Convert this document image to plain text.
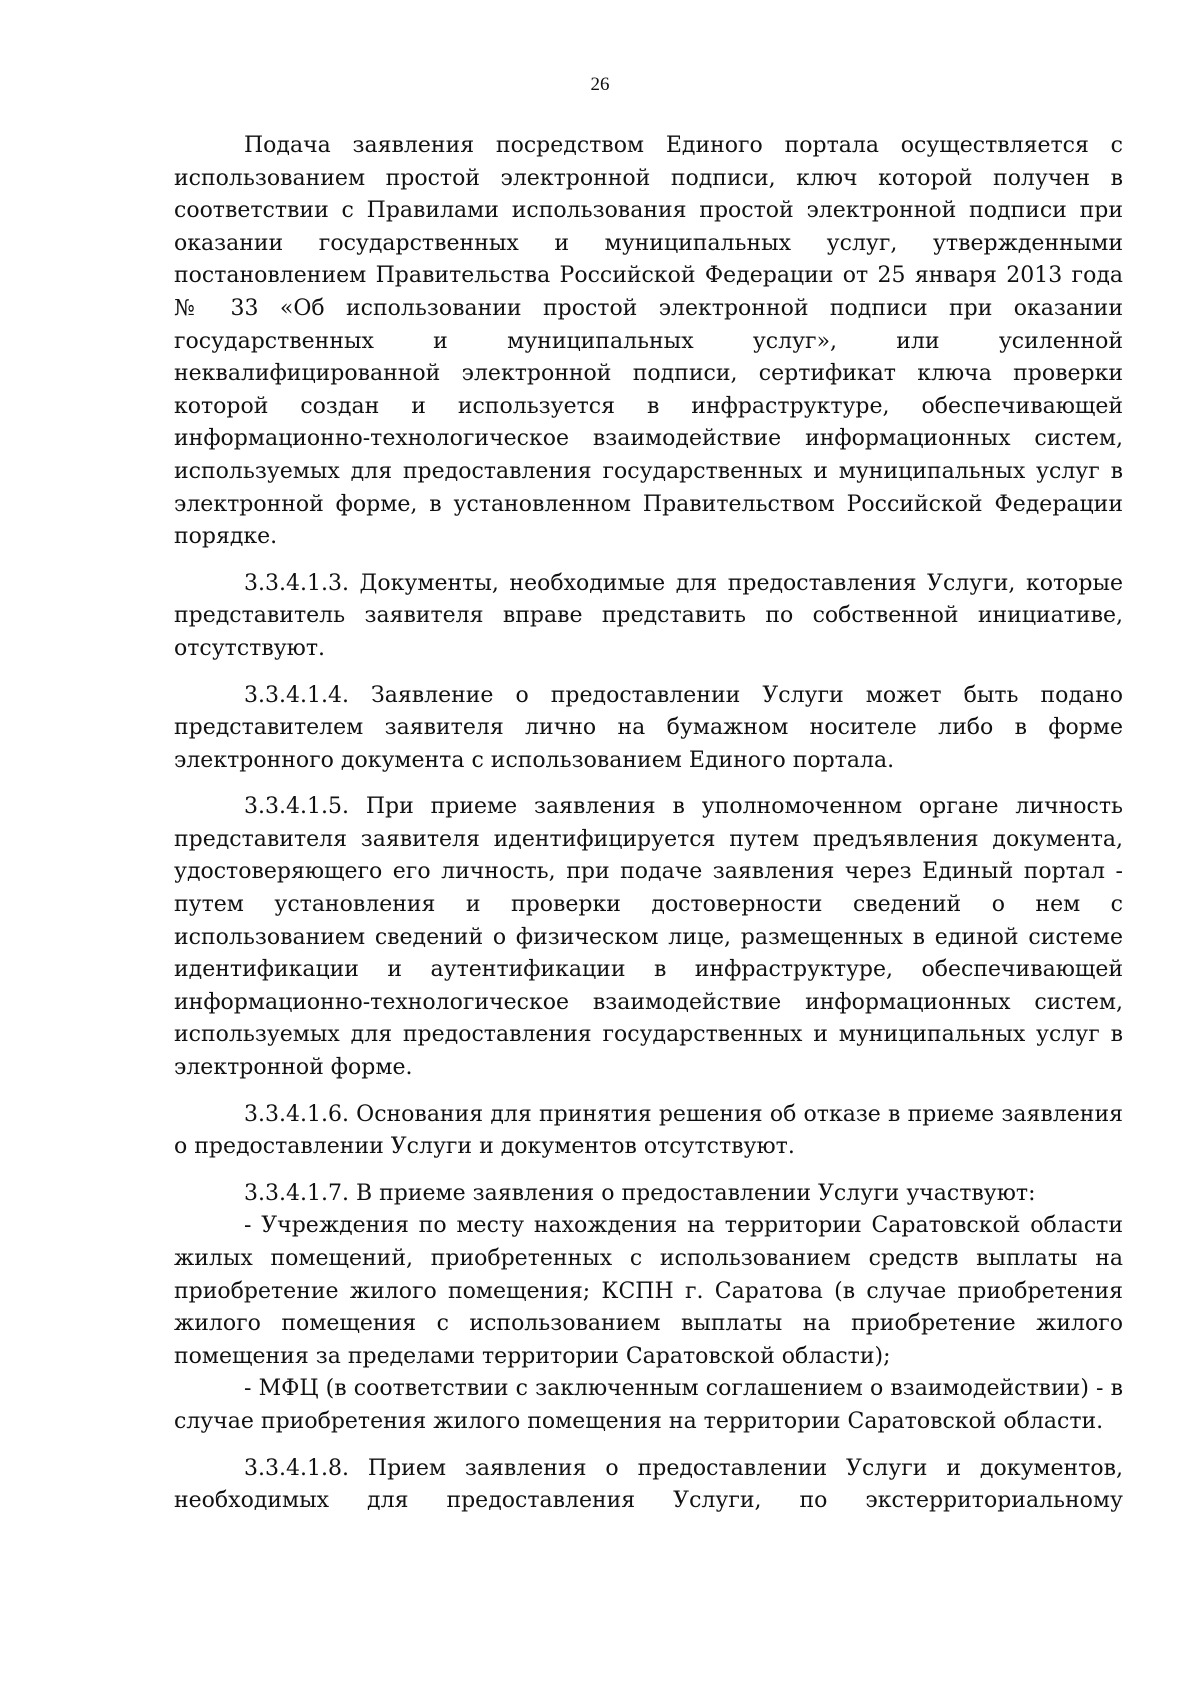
26

Подача заявления посредством Единого портала осуществляется с использованием простой электронной подписи, ключ которой получен в соответствии с Правилами использования простой электронной подписи при оказании государственных и муниципальных услуг, утвержденными постановлением Правительства Российской Федерации от 25 января 2013 года № 33 «Об использовании простой электронной подписи при оказании государственных и муниципальных услуг», или усиленной неквалифицированной электронной подписи, сертификат ключа проверки которой создан и используется в инфраструктуре, обеспечивающей информационно-технологическое взаимодействие информационных систем, используемых для предоставления государственных и муниципальных услуг в электронной форме, в установленном Правительством Российской Федерации порядке.

3.3.4.1.3. Документы, необходимые для предоставления Услуги, которые представитель заявителя вправе представить по собственной инициативе, отсутствуют.

3.3.4.1.4. Заявление о предоставлении Услуги может быть подано представителем заявителя лично на бумажном носителе либо в форме электронного документа с использованием Единого портала.

3.3.4.1.5. При приеме заявления в уполномоченном органе личность представителя заявителя идентифицируется путем предъявления документа, удостоверяющего его личность, при подаче заявления через Единый портал - путем установления и проверки достоверности сведений о нем с использованием сведений о физическом лице, размещенных в единой системе идентификации и аутентификации в инфраструктуре, обеспечивающей информационно-технологическое взаимодействие информационных систем, используемых для предоставления государственных и муниципальных услуг в электронной форме.

3.3.4.1.6. Основания для принятия решения об отказе в приеме заявления о предоставлении Услуги и документов отсутствуют.

3.3.4.1.7. В приеме заявления о предоставлении Услуги участвуют:

- Учреждения по месту нахождения на территории Саратовской области жилых помещений, приобретенных с использованием средств выплаты на приобретение жилого помещения; КСПН г. Саратова (в случае приобретения жилого помещения с использованием выплаты на приобретение жилого помещения за пределами территории Саратовской области);

- МФЦ (в соответствии с заключенным соглашением о взаимодействии) - в случае приобретения жилого помещения на территории Саратовской области.

3.3.4.1.8. Прием заявления о предоставлении Услуги и документов, необходимых для предоставления Услуги, по экстерриториальному
